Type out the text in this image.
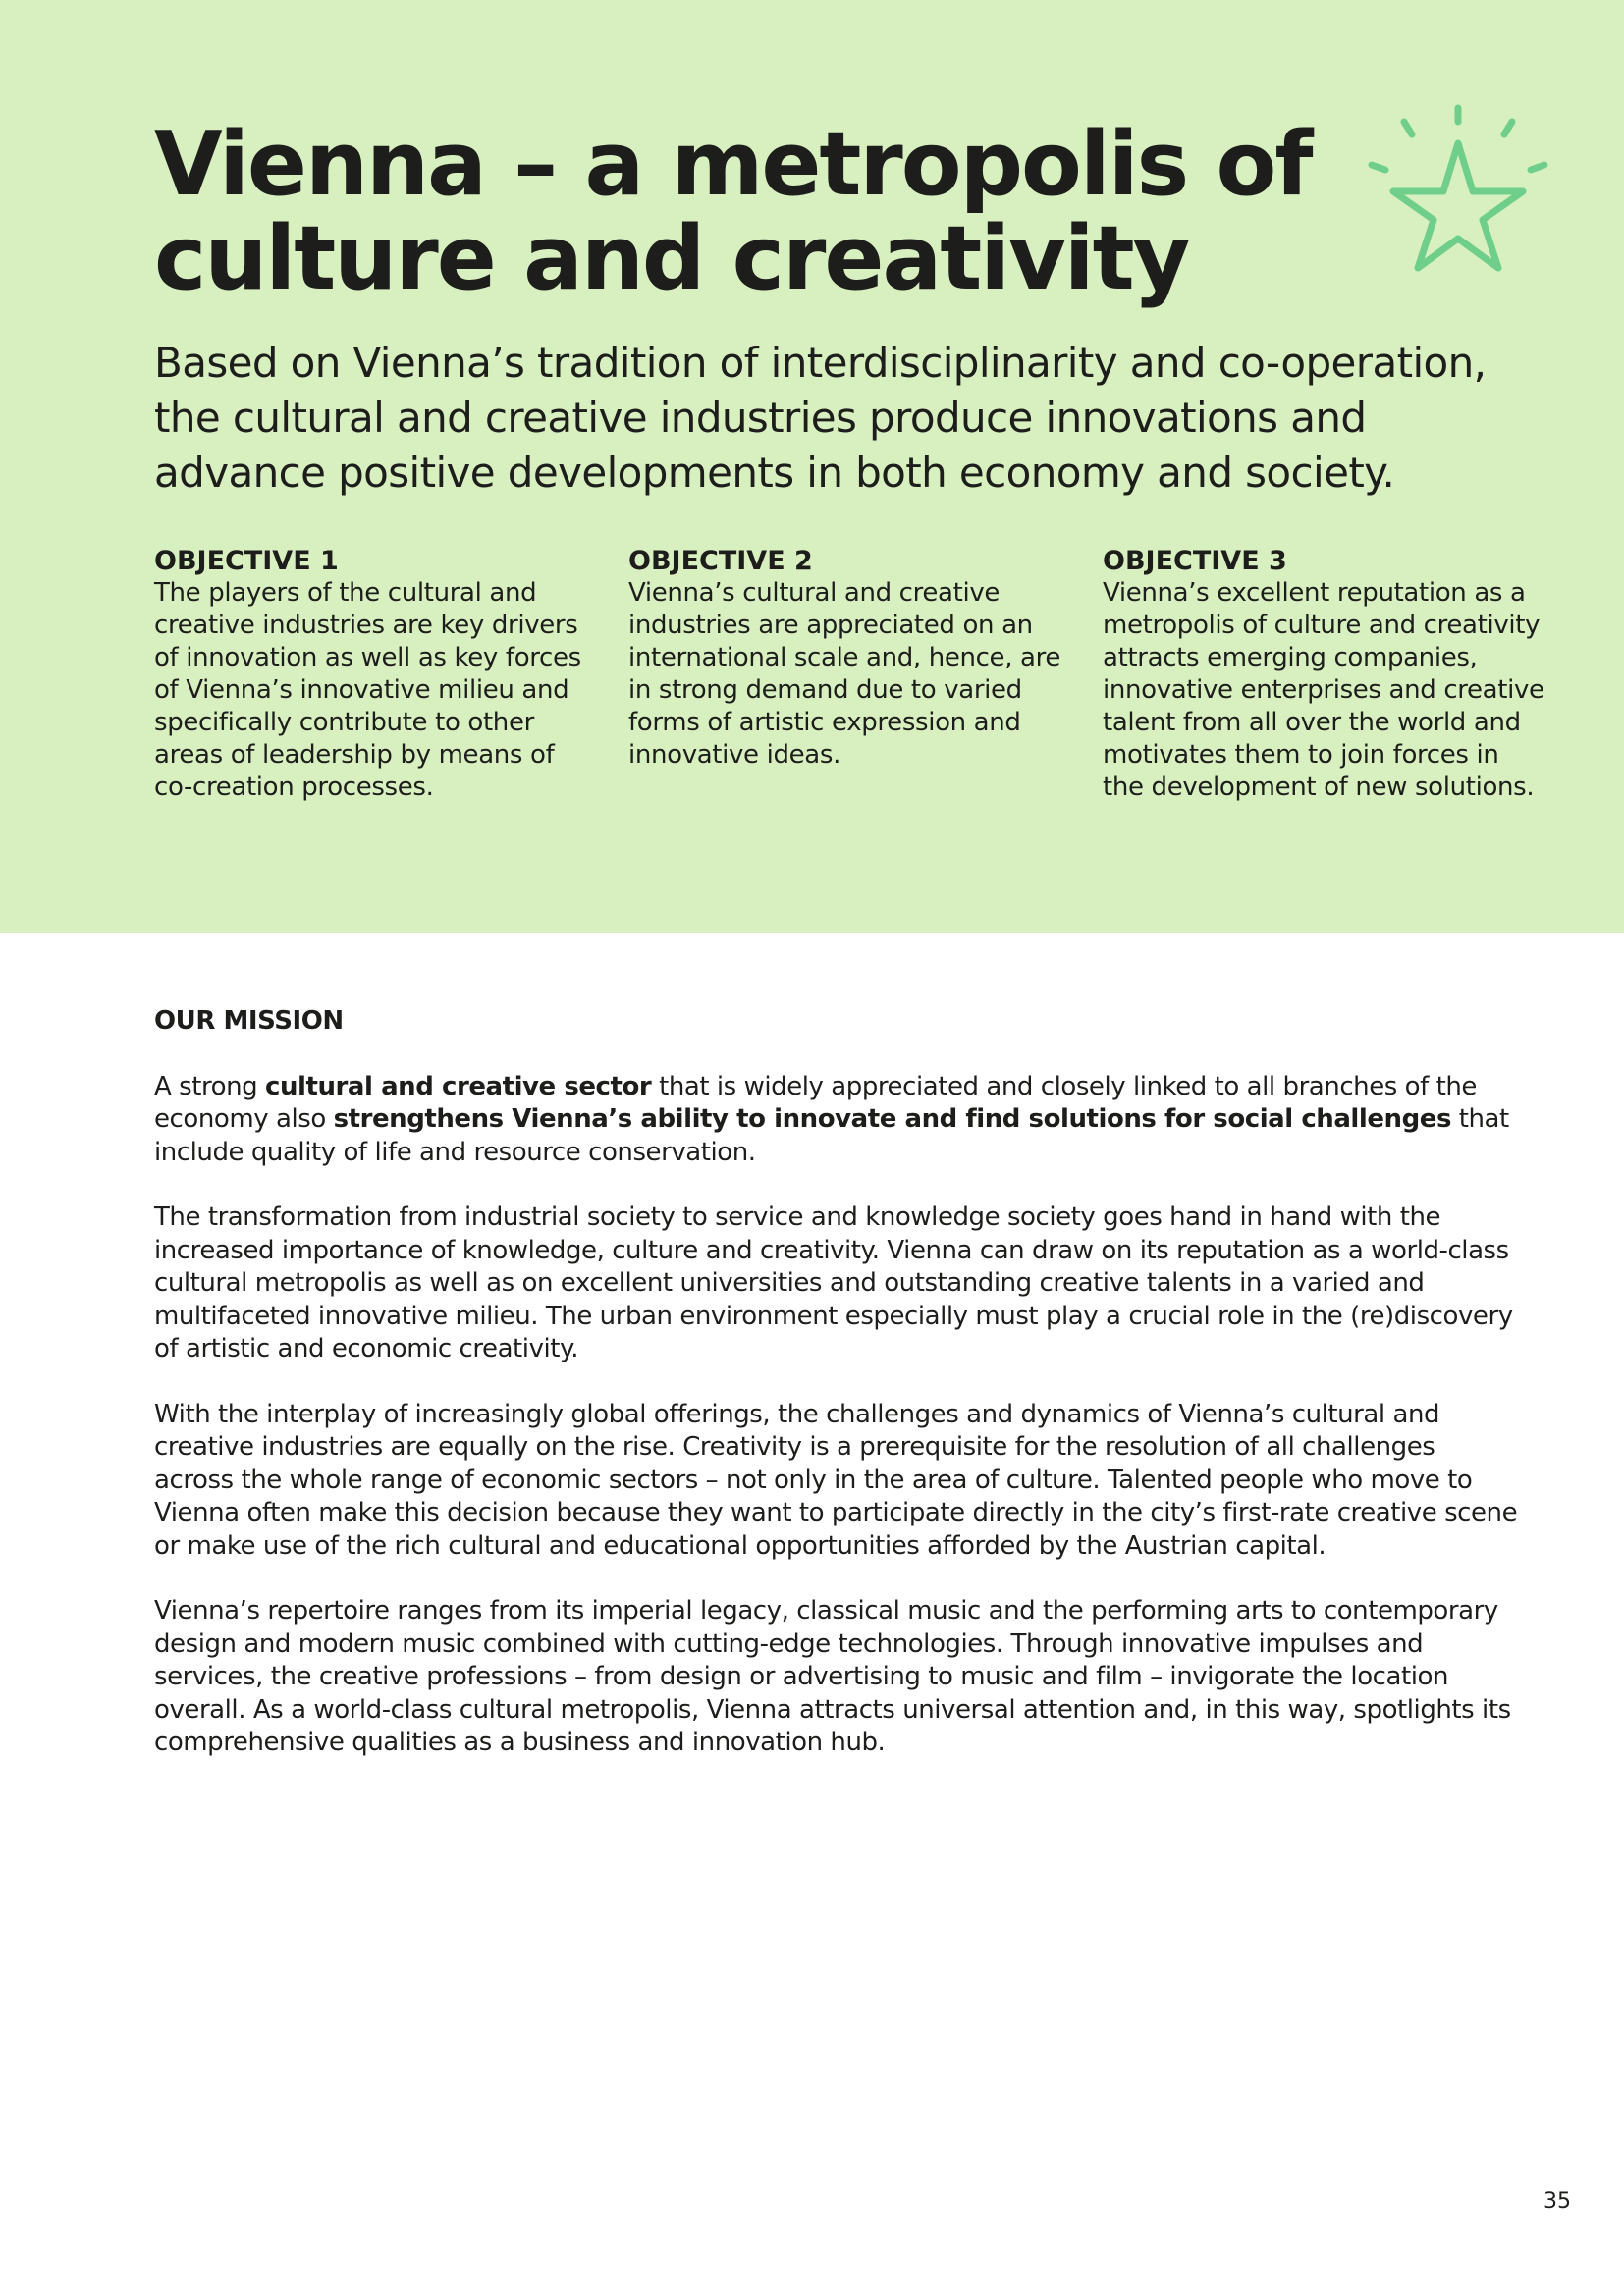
Vienna – a metropolis of
culture and creativity

Based on Vienna’s tradition of interdisciplinarity and co-operation, the cultural and creative industries produce innovations and advance positive developments in both economy and society.

OBJECTIVE 1

The players of the cultural and creative industries are key drivers of innovation as well as key forces of Vienna’s innovative milieu and specifically contribute to other areas of leadership by means of co-creation processes.

OBJECTIVE 2

Vienna’s cultural and creative industries are appreciated on an international scale and, hence, are in strong demand due to varied forms of artistic expression and innovative ideas.

OBJECTIVE 3

Vienna’s excellent reputation as a metropolis of culture and creativity attracts emerging companies, innovative enterprises and creative talent from all over the world and motivates them to join forces in the development of new solutions.

OUR MISSION

A strong cultural and creative sector that is widely appreciated and closely linked to all branches of the economy also strengthens Vienna’s ability to innovate and find solutions for social challenges that include quality of life and resource conservation.

The transformation from industrial society to service and knowledge society goes hand in hand with the increased importance of knowledge, culture and creativity. Vienna can draw on its reputation as a world-class cultural metropolis as well as on excellent universities and outstanding creative talents in a varied and multifaceted innovative milieu. The urban environment especially must play a crucial role in the (re)discovery of artistic and economic creativity.

With the interplay of increasingly global offerings, the challenges and dynamics of Vienna’s cultural and creative industries are equally on the rise. Creativity is a prerequisite for the resolution of all challenges across the whole range of economic sectors – not only in the area of culture. Talented people who move to Vienna often make this decision because they want to participate directly in the city’s first-rate creative scene or make use of the rich cultural and educational opportunities afforded by the Austrian capital.

Vienna’s repertoire ranges from its imperial legacy, classical music and the performing arts to contemporary design and modern music combined with cutting-edge technologies. Through innovative impulses and services, the creative professions – from design or advertising to music and film – invigorate the location overall. As a world-class cultural metropolis, Vienna attracts universal attention and, in this way, spotlights its comprehensive qualities as a business and innovation hub.

35
